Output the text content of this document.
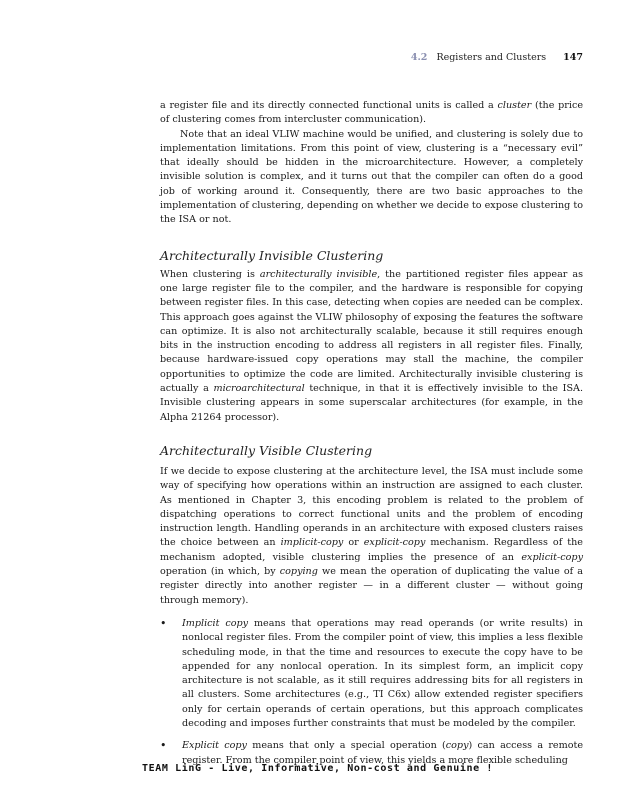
4.2 Registers and Clusters 147

a register file and its directly connected functional units is called a cluster (the price of clustering comes from intercluster communication).

Note that an ideal VLIW machine would be unified, and clustering is solely due to implementation limitations. From this point of view, clustering is a “necessary evil” that ideally should be hidden in the microarchitecture. However, a completely invisible solution is complex, and it turns out that the compiler can often do a good job of working around it. Consequently, there are two basic approaches to the implementation of clustering, depending on whether we decide to expose clustering to the ISA or not.

Architecturally Invisible Clustering

When clustering is architecturally invisible, the partitioned register files appear as one large register file to the compiler, and the hardware is responsible for copying between register files. In this case, detecting when copies are needed can be complex. This approach goes against the VLIW philosophy of exposing the features the software can optimize. It is also not architecturally scalable, because it still requires enough bits in the instruction encoding to address all registers in all register files. Finally, because hardware-issued copy operations may stall the machine, the compiler opportunities to optimize the code are limited. Architecturally invisible clustering is actually a microarchitectural technique, in that it is effectively invisible to the ISA. Invisible clustering appears in some superscalar architectures (for example, in the Alpha 21264 processor).

Architecturally Visible Clustering

If we decide to expose clustering at the architecture level, the ISA must include some way of specifying how operations within an instruction are assigned to each cluster. As mentioned in Chapter 3, this encoding problem is related to the problem of dispatching operations to correct functional units and the problem of encoding instruction length. Handling operands in an architecture with exposed clusters raises the choice between an implicit-copy or explicit-copy mechanism. Regardless of the mechanism adopted, visible clustering implies the presence of an explicit-copy operation (in which, by copying we mean the operation of duplicating the value of a register directly into another register — in a different cluster — without going through memory).

• Implicit copy means that operations may read operands (or write results) in nonlocal register files. From the compiler point of view, this implies a less flexible scheduling mode, in that the time and resources to execute the copy have to be appended for any nonlocal operation. In its simplest form, an implicit copy architecture is not scalable, as it still requires addressing bits for all registers in all clusters. Some architectures (e.g., TI C6x) allow extended register specifiers only for certain operands of certain operations, but this approach complicates decoding and imposes further constraints that must be modeled by the compiler.
• Explicit copy means that only a special operation (copy) can access a remote register. From the compiler point of view, this yields a more flexible scheduling
TEAM LinG - Live, Informative, Non-cost and Genuine !
